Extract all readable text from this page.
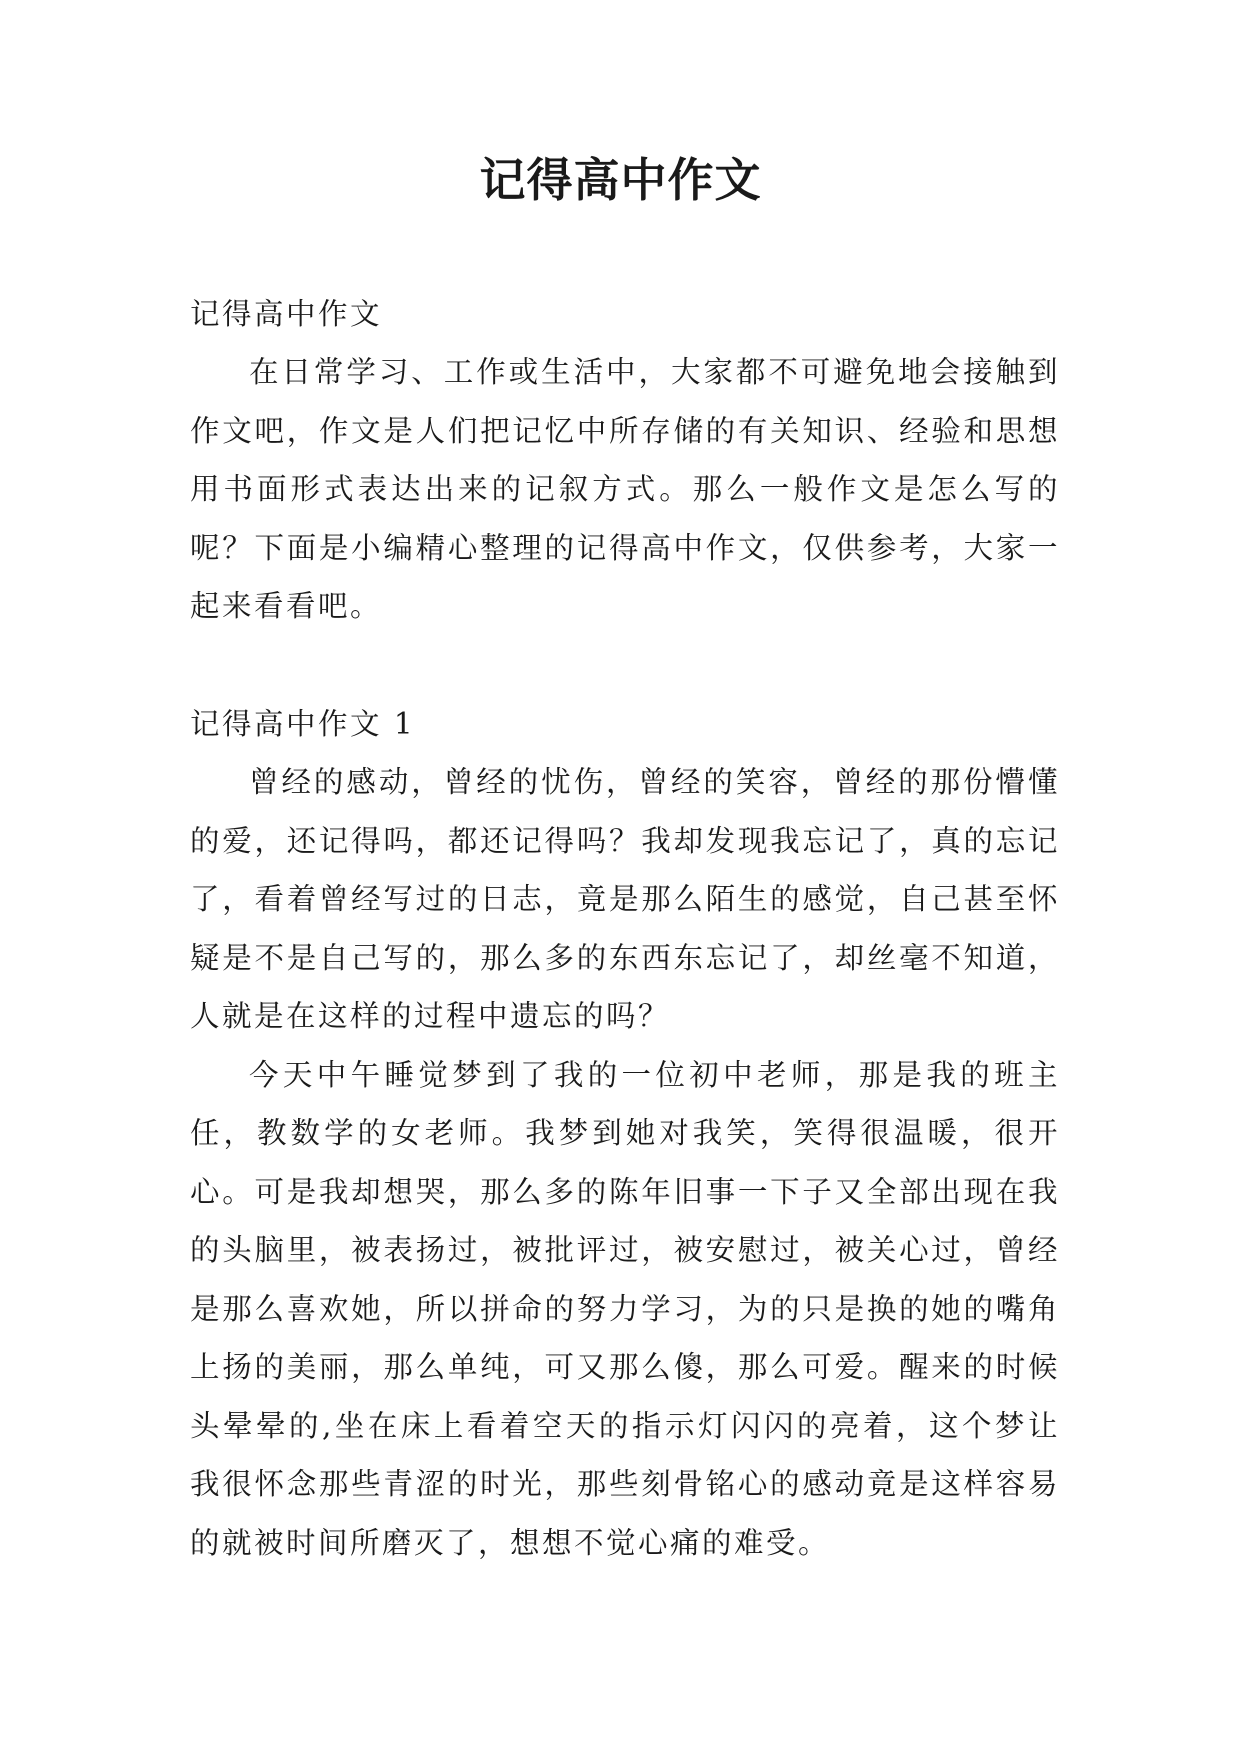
记得高中作文

记得高中作文

在日常学习、工作或生活中，大家都不可避免地会接触到作文吧，作文是人们把记忆中所存储的有关知识、经验和思想用书面形式表达出来的记叙方式。那么一般作文是怎么写的呢？下面是小编精心整理的记得高中作文，仅供参考，大家一起来看看吧。

记得高中作文 1

曾经的感动，曾经的忧伤，曾经的笑容，曾经的那份懵懂的爱，还记得吗，都还记得吗？我却发现我忘记了，真的忘记了，看着曾经写过的日志，竟是那么陌生的感觉，自己甚至怀疑是不是自己写的，那么多的东西东忘记了，却丝毫不知道，人就是在这样的过程中遗忘的吗？

今天中午睡觉梦到了我的一位初中老师，那是我的班主任，教数学的女老师。我梦到她对我笑，笑得很温暖，很开心。可是我却想哭，那么多的陈年旧事一下子又全部出现在我的头脑里，被表扬过，被批评过，被安慰过，被关心过，曾经是那么喜欢她，所以拼命的努力学习，为的只是换的她的嘴角上扬的美丽，那么单纯，可又那么傻，那么可爱。醒来的时候头晕晕的,坐在床上看着空天的指示灯闪闪的亮着，这个梦让我很怀念那些青涩的时光，那些刻骨铭心的感动竟是这样容易的就被时间所磨灭了，想想不觉心痛的难受。
